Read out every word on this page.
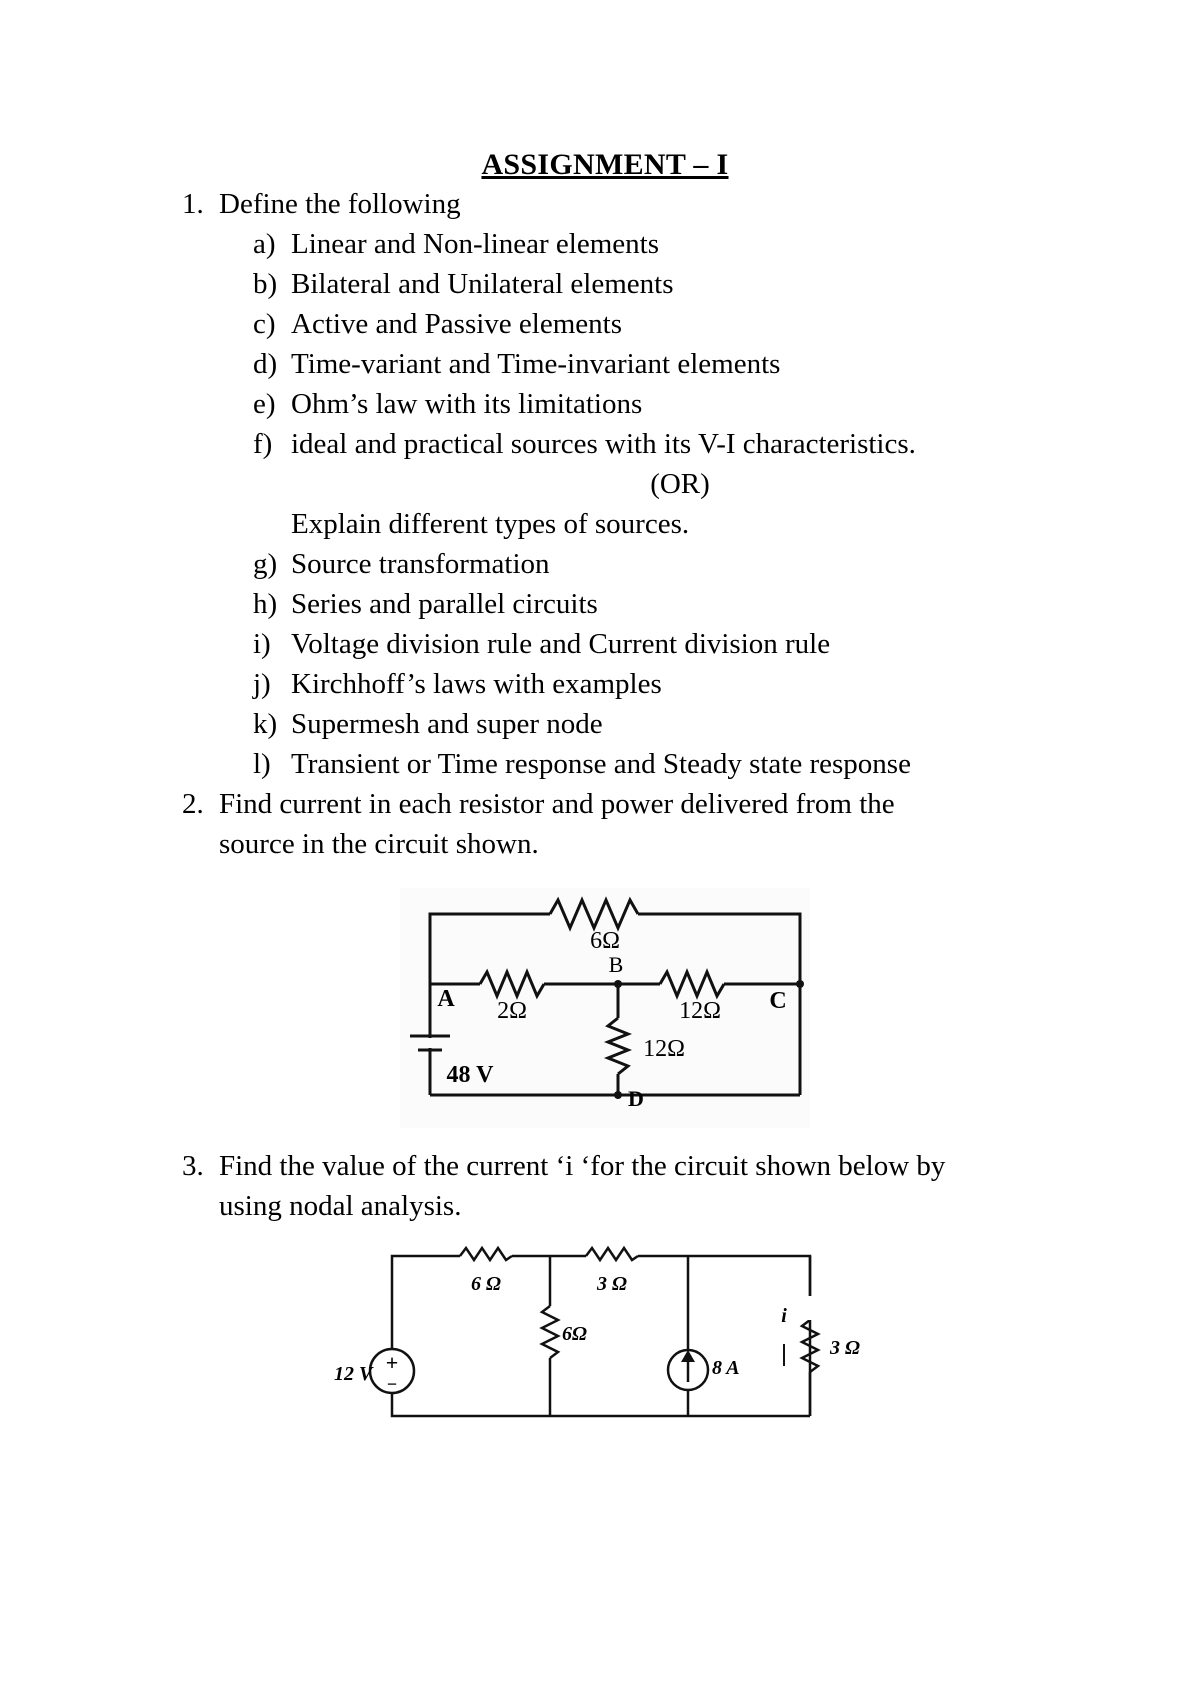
ASSIGNMENT – I
1. Define the following
a) Linear and Non-linear elements
b) Bilateral and Unilateral elements
c) Active and Passive elements
d) Time-variant and Time-invariant elements
e) Ohm’s law with its limitations
f) ideal and practical sources with its V-I characteristics.
(OR)
Explain different types of sources.
g) Source transformation
h) Series and parallel circuits
i) Voltage division rule and Current division rule
j) Kirchhoff’s laws with examples
k) Supermesh and super node
l) Transient or Time response and Steady state response
2. Find current in each resistor and power delivered from the
source in the circuit shown.
6Ω
B
A 2Ω	12Ω C
12Ω
48 V
D
3. Find the value of the current ‘i ‘for the circuit shown below by
using nodal analysis.
12 V +
−
6 Ω	3 Ω
6Ω
8 A
i
3 Ω
